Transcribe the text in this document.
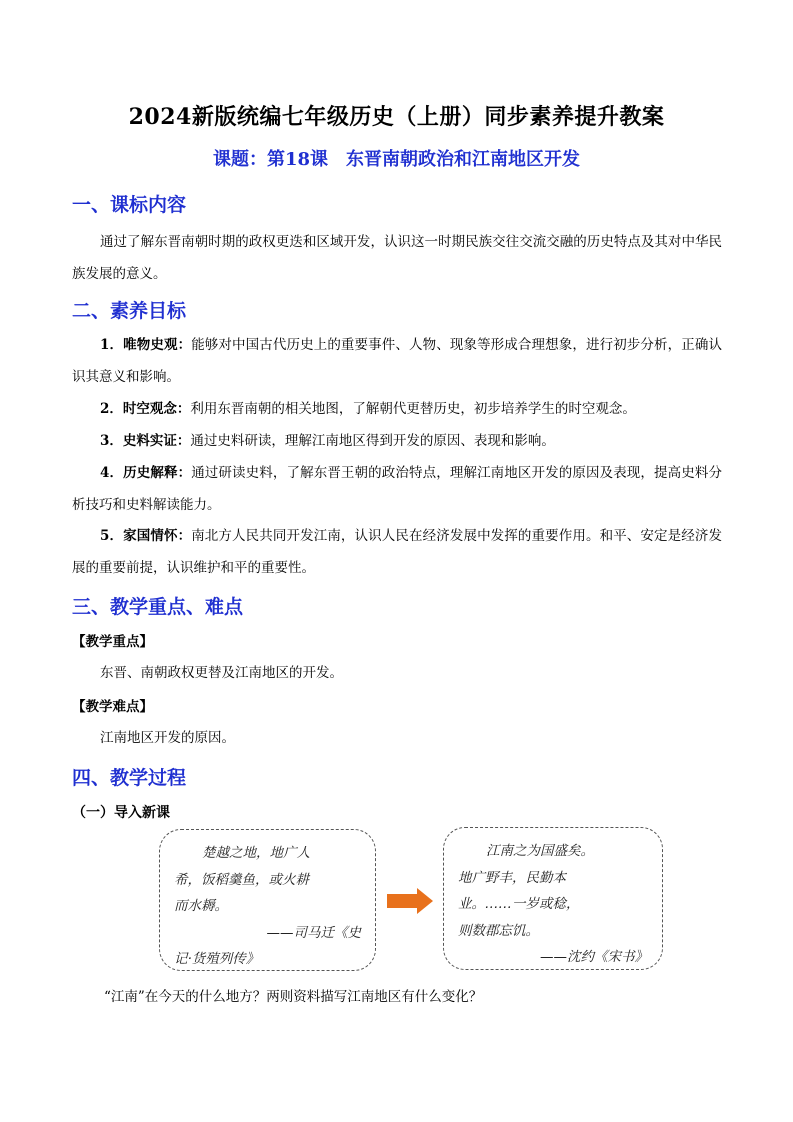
2024新版统编七年级历史（上册）同步素养提升教案
课题：第18课　东晋南朝政治和江南地区开发
一、课标内容
通过了解东晋南朝时期的政权更迭和区域开发，认识这一时期民族交往交流交融的历史特点及其对中华民族发展的意义。
二、素养目标
1．唯物史观：能够对中国古代历史上的重要事件、人物、现象等形成合理想象，进行初步分析，正确认识其意义和影响。
2．时空观念：利用东晋南朝的相关地图，了解朝代更替历史，初步培养学生的时空观念。
3．史料实证：通过史料研读，理解江南地区得到开发的原因、表现和影响。
4．历史解释：通过研读史料，了解东晋王朝的政治特点，理解江南地区开发的原因及表现，提高史料分析技巧和史料解读能力。
5．家国情怀：南北方人民共同开发江南，认识人民在经济发展中发挥的重要作用。和平、安定是经济发展的重要前提，认识维护和平的重要性。
三、教学重点、难点
【教学重点】
东晋、南朝政权更替及江南地区的开发。
【教学难点】
江南地区开发的原因。
四、教学过程
（一）导入新课
楚越之地，地广人
希，饭稻羹鱼，或火耕
而水耨。
——司马迁《史
记·货殖列传》
江南之为国盛矣。
地广野丰，民勤本
业。……一岁或稔，
则数郡忘饥。
——沈约《宋书》
“江南”在今天的什么地方？两则资料描写江南地区有什么变化？
